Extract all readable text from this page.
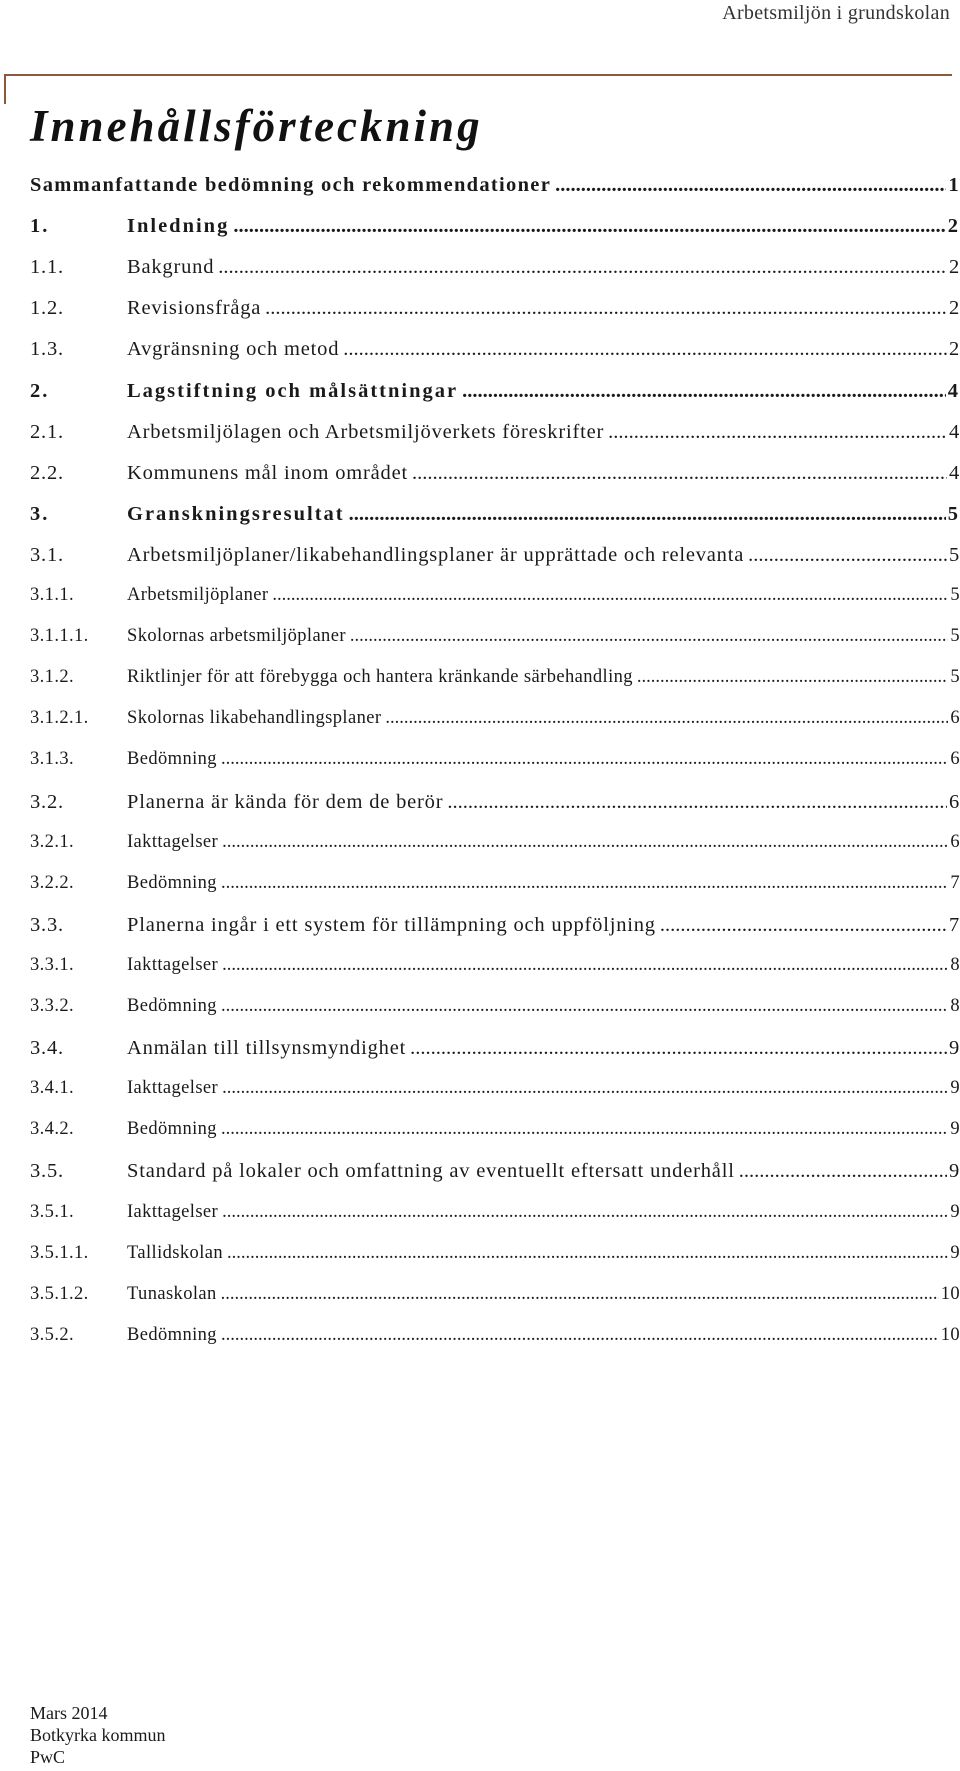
Arbetsmiljön i grundskolan
Innehållsförteckning
Sammanfattande bedömning och rekommendationer .....	1
1.	Inledning .....	2
1.1.	Bakgrund .....	2
1.2.	Revisionsfråga .....	2
1.3.	Avgränsning och metod .....	2
2.	Lagstiftning och målsättningar .....	4
2.1.	Arbetsmiljölagen och Arbetsmiljöverkets föreskrifter .....	4
2.2.	Kommunens mål inom området .....	4
3.	Granskningsresultat .....	5
3.1.	Arbetsmiljöplaner/likabehandlingsplaner är upprättade och relevanta .....	5
3.1.1.	Arbetsmiljöplaner .....	5
3.1.1.1.	Skolornas arbetsmiljöplaner .....	5
3.1.2.	Riktlinjer för att förebygga och hantera kränkande särbehandling .....	5
3.1.2.1.	Skolornas likabehandlingsplaner .....	6
3.1.3.	Bedömning .....	6
3.2.	Planerna är kända för dem de berör .....	6
3.2.1.	Iakttagelser .....	6
3.2.2.	Bedömning .....	7
3.3.	Planerna ingår i ett system för tillämpning och uppföljning .....	7
3.3.1.	Iakttagelser .....	8
3.3.2.	Bedömning .....	8
3.4.	Anmälan till tillsynsmyndighet .....	9
3.4.1.	Iakttagelser .....	9
3.4.2.	Bedömning .....	9
3.5.	Standard på lokaler och omfattning av eventuellt eftersatt underhåll .....	9
3.5.1.	Iakttagelser .....	9
3.5.1.1.	Tallidskolan .....	9
3.5.1.2.	Tunaskolan .....	10
3.5.2.	Bedömning .....	10
Mars 2014
Botkyrka kommun
PwC
